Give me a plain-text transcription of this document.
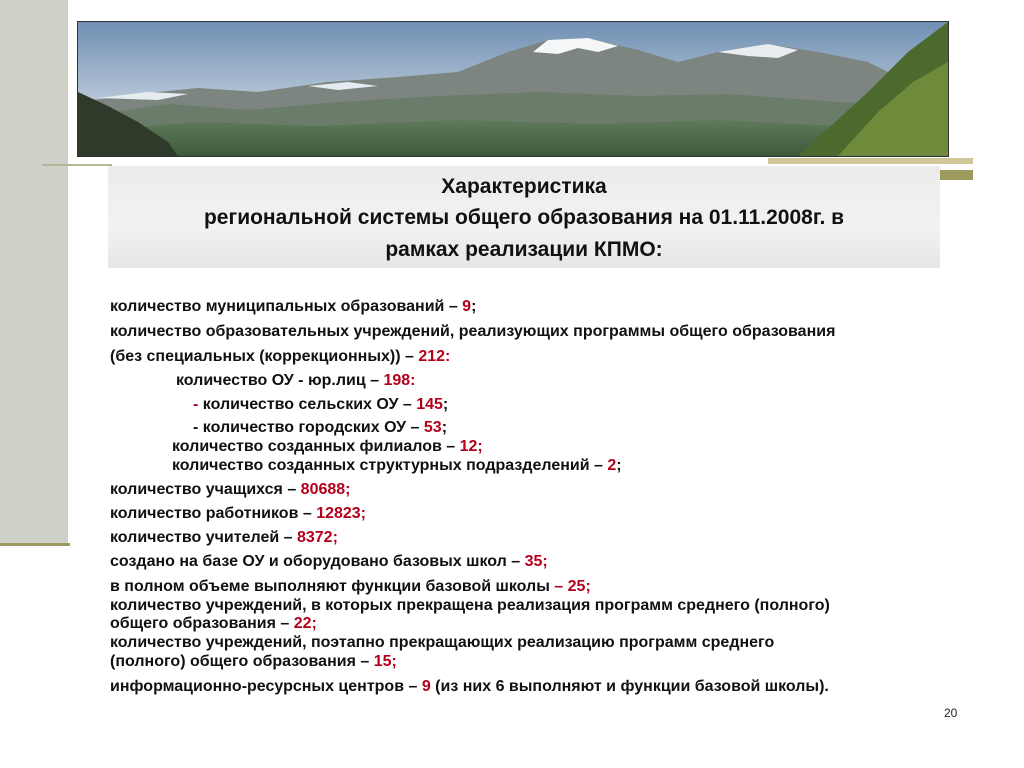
Характеристика
региональной системы общего образования на 01.11.2008г. в
рамках реализации КПМО:
количество муниципальных образований – 9;
количество образовательных учреждений, реализующих программы общего образования
(без специальных (коррекционных)) – 212:
количество ОУ - юр.лиц – 198:
- количество сельских ОУ – 145;
- количество городских ОУ – 53;
количество созданных филиалов – 12;
количество созданных структурных подразделений – 2;
количество учащихся – 80688;
количество работников – 12823;
количество учителей – 8372;
создано на базе ОУ и оборудовано базовых школ – 35;
в полном объеме выполняют функции базовой школы – 25;
количество учреждений, в которых прекращена реализация программ среднего (полного)
общего образования – 22;
количество учреждений, поэтапно прекращающих реализацию программ среднего
(полного) общего образования – 15;
информационно-ресурсных центров – 9 (из них 6 выполняют и функции базовой школы).
20
